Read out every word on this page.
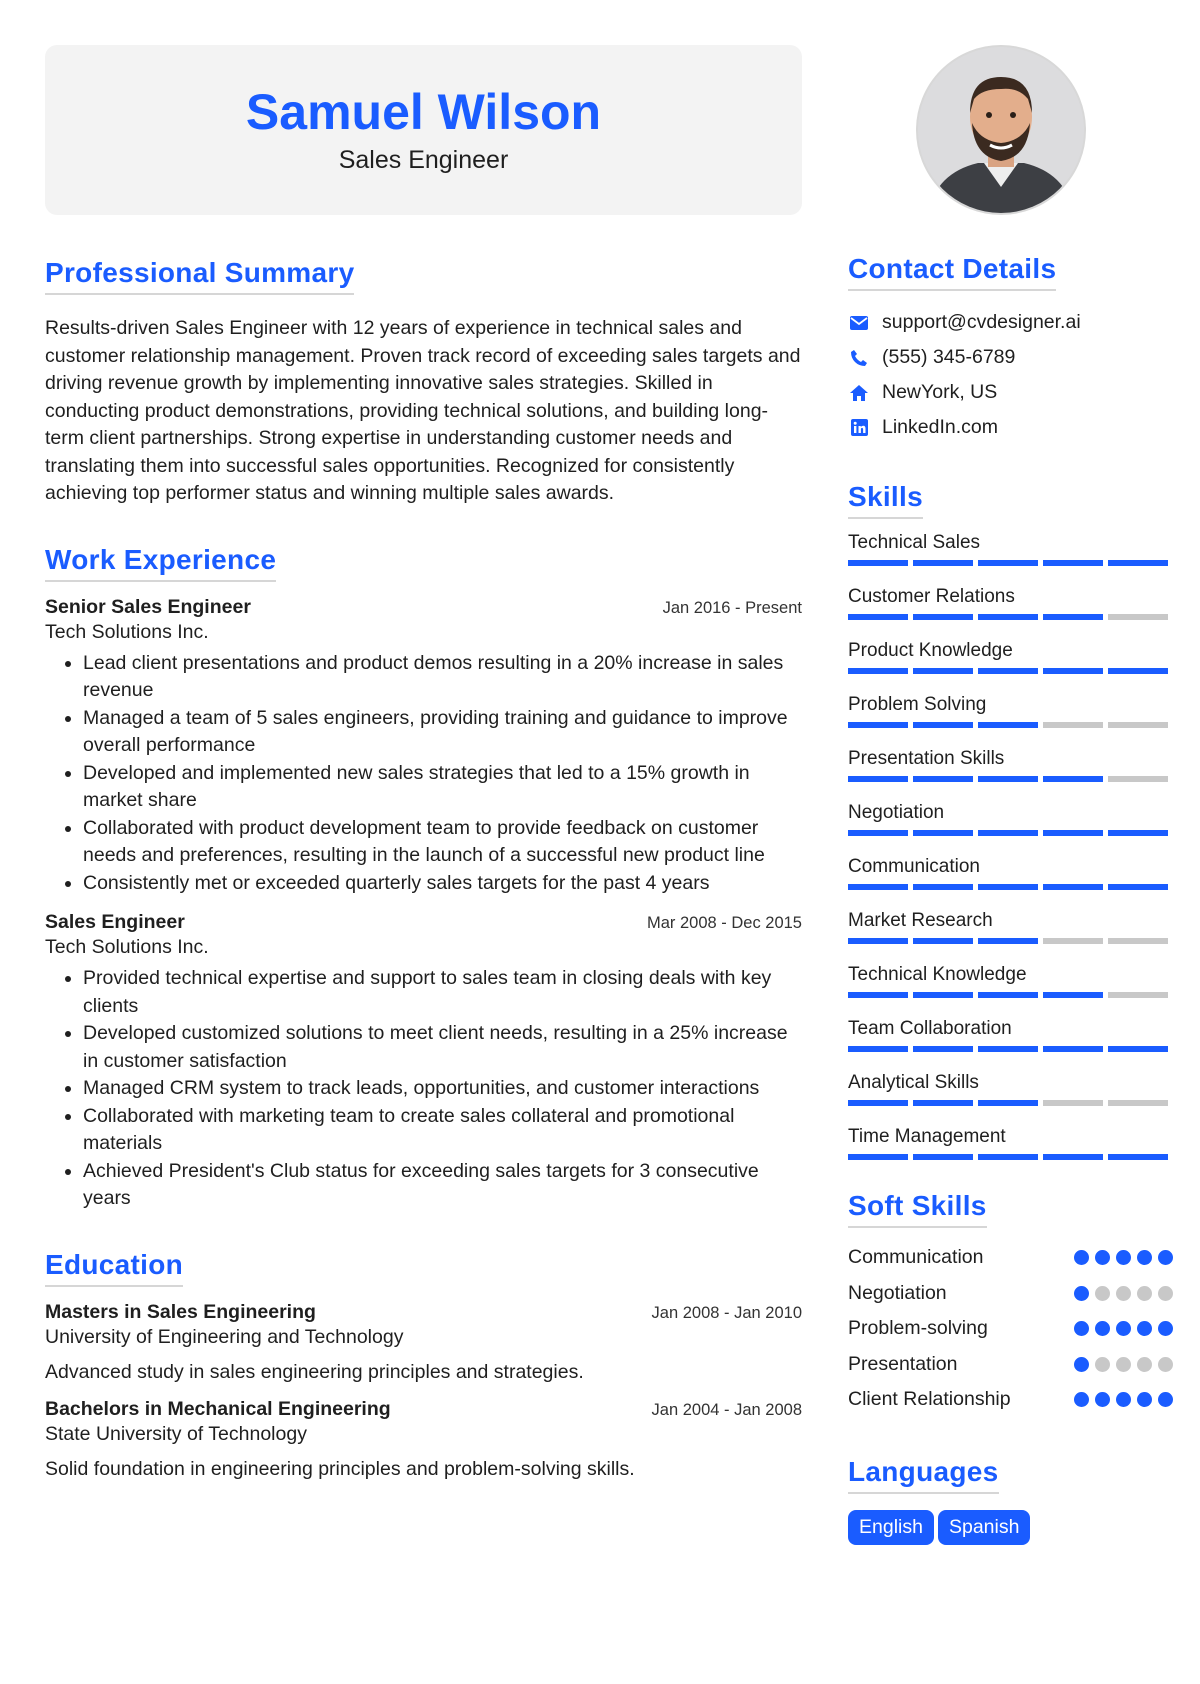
Samuel Wilson
Sales Engineer
Professional Summary

Results-driven Sales Engineer with 12 years of experience in technical sales and customer relationship management. Proven track record of exceeding sales targets and driving revenue growth by implementing innovative sales strategies. Skilled in conducting product demonstrations, providing technical solutions, and building long-term client partnerships. Strong expertise in understanding customer needs and translating them into successful sales opportunities. Recognized for consistently achieving top performer status and winning multiple sales awards.

Work Experience
Senior Sales Engineer	Jan 2016 - Present
Tech Solutions Inc.
• Lead client presentations and product demos resulting in a 20% increase in sales revenue
• Managed a team of 5 sales engineers, providing training and guidance to improve overall performance
• Developed and implemented new sales strategies that led to a 15% growth in market share
• Collaborated with product development team to provide feedback on customer needs and preferences, resulting in the launch of a successful new product line
• Consistently met or exceeded quarterly sales targets for the past 4 years
Sales Engineer	Mar 2008 - Dec 2015
Tech Solutions Inc.
• Provided technical expertise and support to sales team in closing deals with key clients
• Developed customized solutions to meet client needs, resulting in a 25% increase in customer satisfaction
• Managed CRM system to track leads, opportunities, and customer interactions
• Collaborated with marketing team to create sales collateral and promotional materials
• Achieved President's Club status for exceeding sales targets for 3 consecutive years
Education
Masters in Sales Engineering	Jan 2008 - Jan 2010
University of Engineering and Technology
Advanced study in sales engineering principles and strategies.
Bachelors in Mechanical Engineering	Jan 2004 - Jan 2008
State University of Technology
Solid foundation in engineering principles and problem-solving skills.
Contact Details
support@cvdesigner.ai
(555) 345-6789
NewYork, US
LinkedIn.com
Skills
Technical Sales
Customer Relations
Product Knowledge
Problem Solving
Presentation Skills
Negotiation
Communication
Market Research
Technical Knowledge
Team Collaboration
Analytical Skills
Time Management
Soft Skills
Communication
Negotiation
Problem-solving
Presentation
Client Relationship
Languages
English Spanish
